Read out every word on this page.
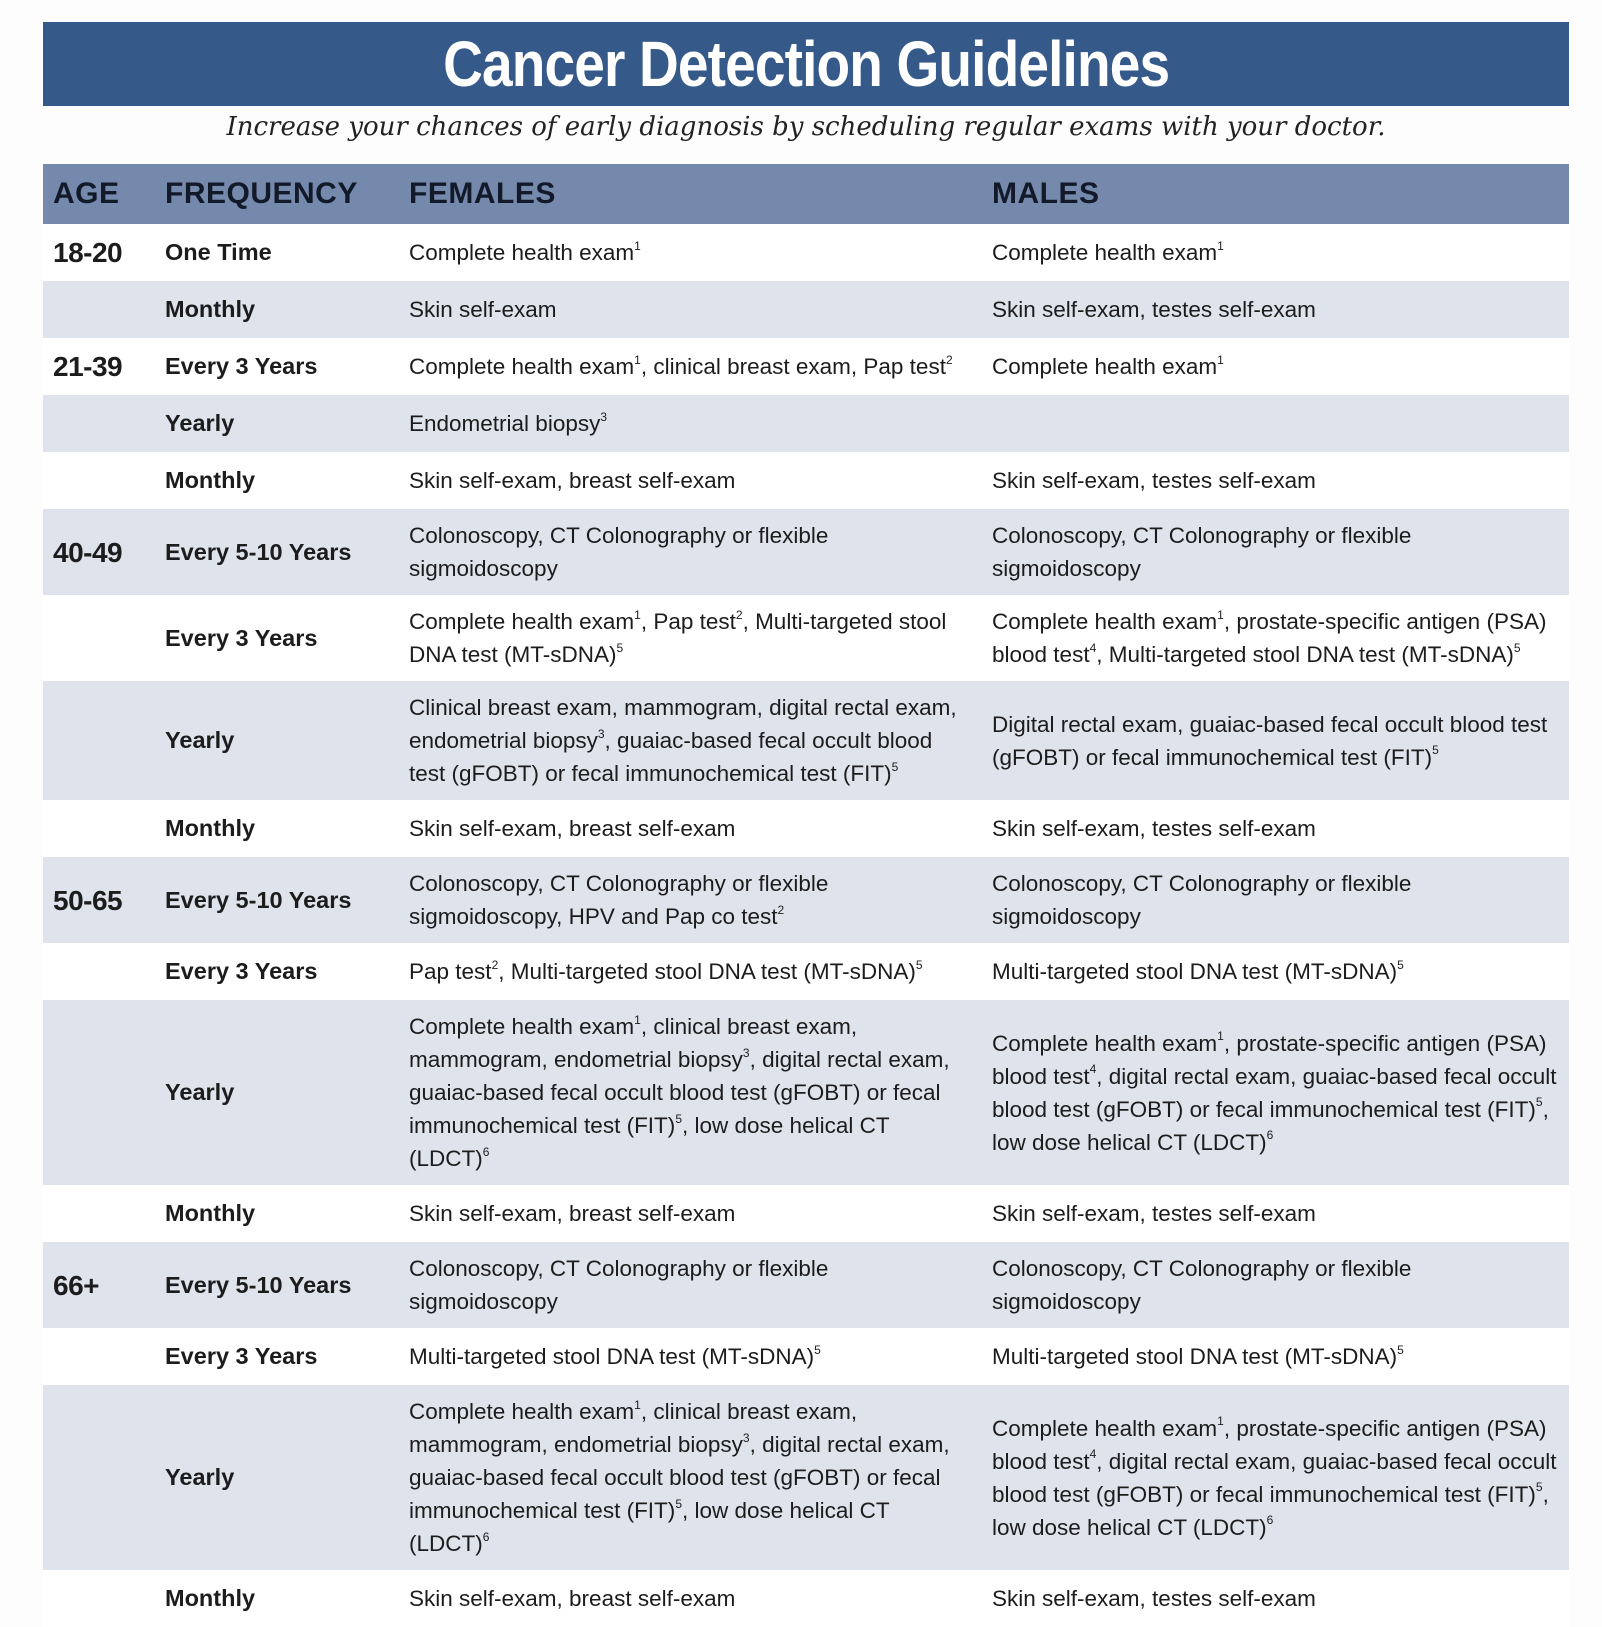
Cancer Detection Guidelines
Increase your chances of early diagnosis by scheduling regular exams with your doctor.
AGE	FREQUENCY	FEMALES	MALES
18-20	One Time	Complete health exam$^1$	Complete health exam$^1$
	Monthly	Skin self-exam	Skin self-exam, testes self-exam
21-39	Every 3 Years	Complete health exam$^1$, clinical breast exam, Pap test$^2$	Complete health exam$^1$
	Yearly	Endometrial biopsy$^3$	
	Monthly	Skin self-exam, breast self-exam	Skin self-exam, testes self-exam
40-49	Every 5-10 Years	Colonoscopy, CT Colonography or flexible sigmoidoscopy	Colonoscopy, CT Colonography or flexible sigmoidoscopy
	Every 3 Years	Complete health exam$^1$, Pap test$^2$, Multi-targeted stool DNA test (MT-sDNA)$^5$	Complete health exam$^1$, prostate-specific antigen (PSA) blood test$^4$, Multi-targeted stool DNA test (MT-sDNA)$^5$
	Yearly	Clinical breast exam, mammogram, digital rectal exam, endometrial biopsy$^3$, guaiac-based fecal occult blood test (gFOBT) or fecal immunochemical test (FIT)$^5$	Digital rectal exam, guaiac-based fecal occult blood test (gFOBT) or fecal immunochemical test (FIT)$^5$
	Monthly	Skin self-exam, breast self-exam	Skin self-exam, testes self-exam
50-65	Every 5-10 Years	Colonoscopy, CT Colonography or flexible sigmoidoscopy, HPV and Pap co test$^2$	Colonoscopy, CT Colonography or flexible sigmoidoscopy
	Every 3 Years	Pap test$^2$, Multi-targeted stool DNA test (MT-sDNA)$^5$	Multi-targeted stool DNA test (MT-sDNA)$^5$
	Yearly	Complete health exam$^1$, clinical breast exam, mammogram, endometrial biopsy$^3$, digital rectal exam, guaiac-based fecal occult blood test (gFOBT) or fecal immunochemical test (FIT)$^5$, low dose helical CT (LDCT)$^6$	Complete health exam$^1$, prostate-specific antigen (PSA) blood test$^4$, digital rectal exam, guaiac-based fecal occult blood test (gFOBT) or fecal immunochemical test (FIT)$^5$, low dose helical CT (LDCT)$^6$
	Monthly	Skin self-exam, breast self-exam	Skin self-exam, testes self-exam
66+	Every 5-10 Years	Colonoscopy, CT Colonography or flexible sigmoidoscopy	Colonoscopy, CT Colonography or flexible sigmoidoscopy
	Every 3 Years	Multi-targeted stool DNA test (MT-sDNA)$^5$	Multi-targeted stool DNA test (MT-sDNA)$^5$
	Yearly	Complete health exam$^1$, clinical breast exam, mammogram, endometrial biopsy$^3$, digital rectal exam, guaiac-based fecal occult blood test (gFOBT) or fecal immunochemical test (FIT)$^5$, low dose helical CT (LDCT)$^6$	Complete health exam$^1$, prostate-specific antigen (PSA) blood test$^4$, digital rectal exam, guaiac-based fecal occult blood test (gFOBT) or fecal immunochemical test (FIT)$^5$, low dose helical CT (LDCT)$^6$
	Monthly	Skin self-exam, breast self-exam	Skin self-exam, testes self-exam
